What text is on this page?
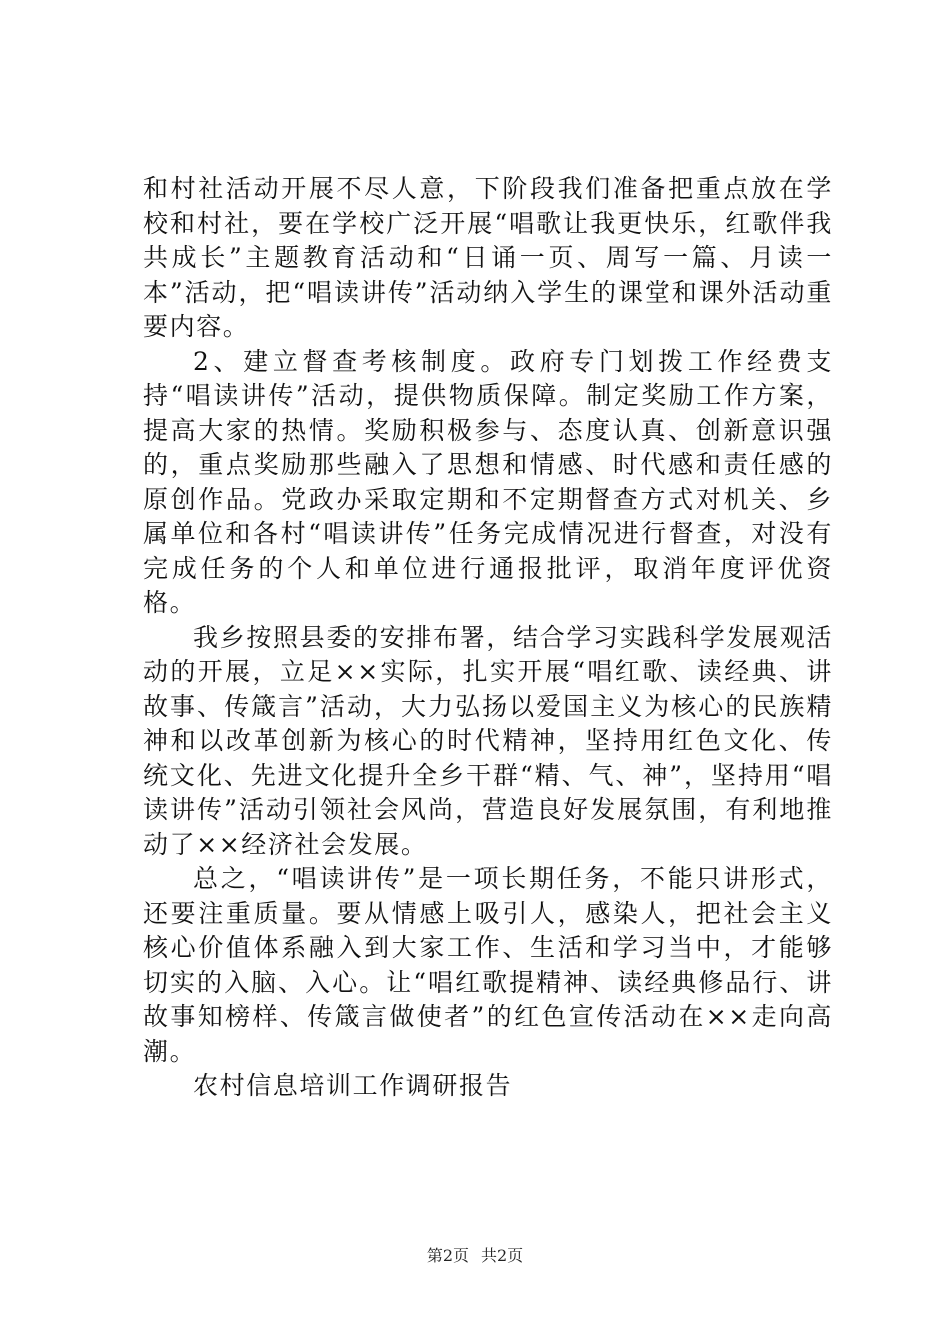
和村社活动开展不尽人意，下阶段我们准备把重点放在学校和村社，要在学校广泛开展“唱歌让我更快乐，红歌伴我共成长”主题教育活动和“日诵一页、周写一篇、月读一本”活动，把“唱读讲传”活动纳入学生的课堂和课外活动重要内容。

2、建立督查考核制度。政府专门划拨工作经费支持“唱读讲传”活动，提供物质保障。制定奖励工作方案，提高大家的热情。奖励积极参与、态度认真、创新意识强的，重点奖励那些融入了思想和情感、时代感和责任感的原创作品。党政办采取定期和不定期督查方式对机关、乡属单位和各村“唱读讲传”任务完成情况进行督查，对没有完成任务的个人和单位进行通报批评，取消年度评优资格。

我乡按照县委的安排布署，结合学习实践科学发展观活动的开展，立足××实际，扎实开展“唱红歌、读经典、讲故事、传箴言”活动，大力弘扬以爱国主义为核心的民族精神和以改革创新为核心的时代精神，坚持用红色文化、传统文化、先进文化提升全乡干群“精、气、神”，坚持用“唱读讲传”活动引领社会风尚，营造良好发展氛围，有利地推动了××经济社会发展。

总之，“唱读讲传”是一项长期任务，不能只讲形式，还要注重质量。要从情感上吸引人，感染人，把社会主义核心价值体系融入到大家工作、生活和学习当中，才能够切实的入脑、入心。让“唱红歌提精神、读经典修品行、讲故事知榜样、传箴言做使者”的红色宣传活动在××走向高潮。

农村信息培训工作调研报告

第2页 共2页
